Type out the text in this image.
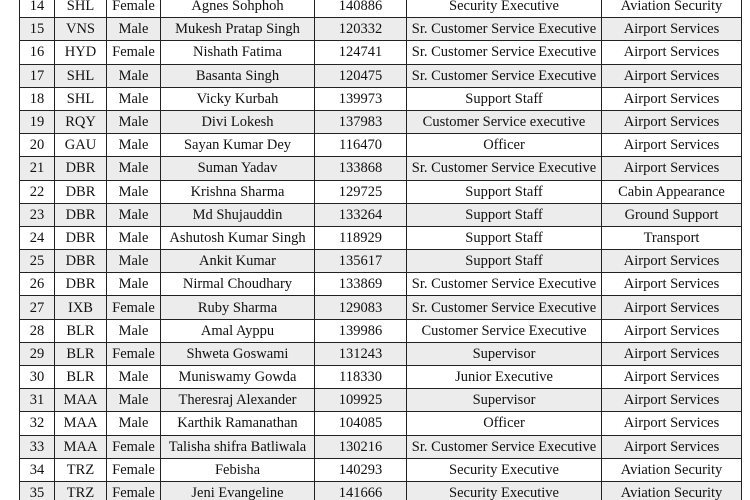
14	SHL	Female	Agnes Sohphoh	140886	Security Executive	Aviation Security
15	VNS	Male	Mukesh Pratap Singh	120332	Sr. Customer Service Executive	Airport Services
16	HYD	Female	Nishath Fatima	124741	Sr. Customer Service Executive	Airport Services
17	SHL	Male	Basanta Singh	120475	Sr. Customer Service Executive	Airport Services
18	SHL	Male	Vicky Kurbah	139973	Support Staff	Airport Services
19	RQY	Male	Divi Lokesh	137983	Customer Service executive	Airport Services
20	GAU	Male	Sayan Kumar Dey	116470	Officer	Airport Services
21	DBR	Male	Suman Yadav	133868	Sr. Customer Service Executive	Airport Services
22	DBR	Male	Krishna Sharma	129725	Support Staff	Cabin Appearance
23	DBR	Male	Md Shujauddin	133264	Support Staff	Ground Support
24	DBR	Male	Ashutosh Kumar Singh	118929	Support Staff	Transport
25	DBR	Male	Ankit Kumar	135617	Support Staff	Airport Services
26	DBR	Male	Nirmal Choudhary	133869	Sr. Customer Service Executive	Airport Services
27	IXB	Female	Ruby Sharma	129083	Sr. Customer Service Executive	Airport Services
28	BLR	Male	Amal Ayppu	139986	Customer Service Executive	Airport Services
29	BLR	Female	Shweta Goswami	131243	Supervisor	Airport Services
30	BLR	Male	Muniswamy Gowda	118330	Junior Executive	Airport Services
31	MAA	Male	Theresraj Alexander	109925	Supervisor	Airport Services
32	MAA	Male	Karthik Ramanathan	104085	Officer	Airport Services
33	MAA	Female	Talisha shifra Batliwala	130216	Sr. Customer Service Executive	Airport Services
34	TRZ	Female	Febisha	140293	Security Executive	Aviation Security
35	TRZ	Female	Jeni Evangeline	141666	Security Executive	Aviation Security
